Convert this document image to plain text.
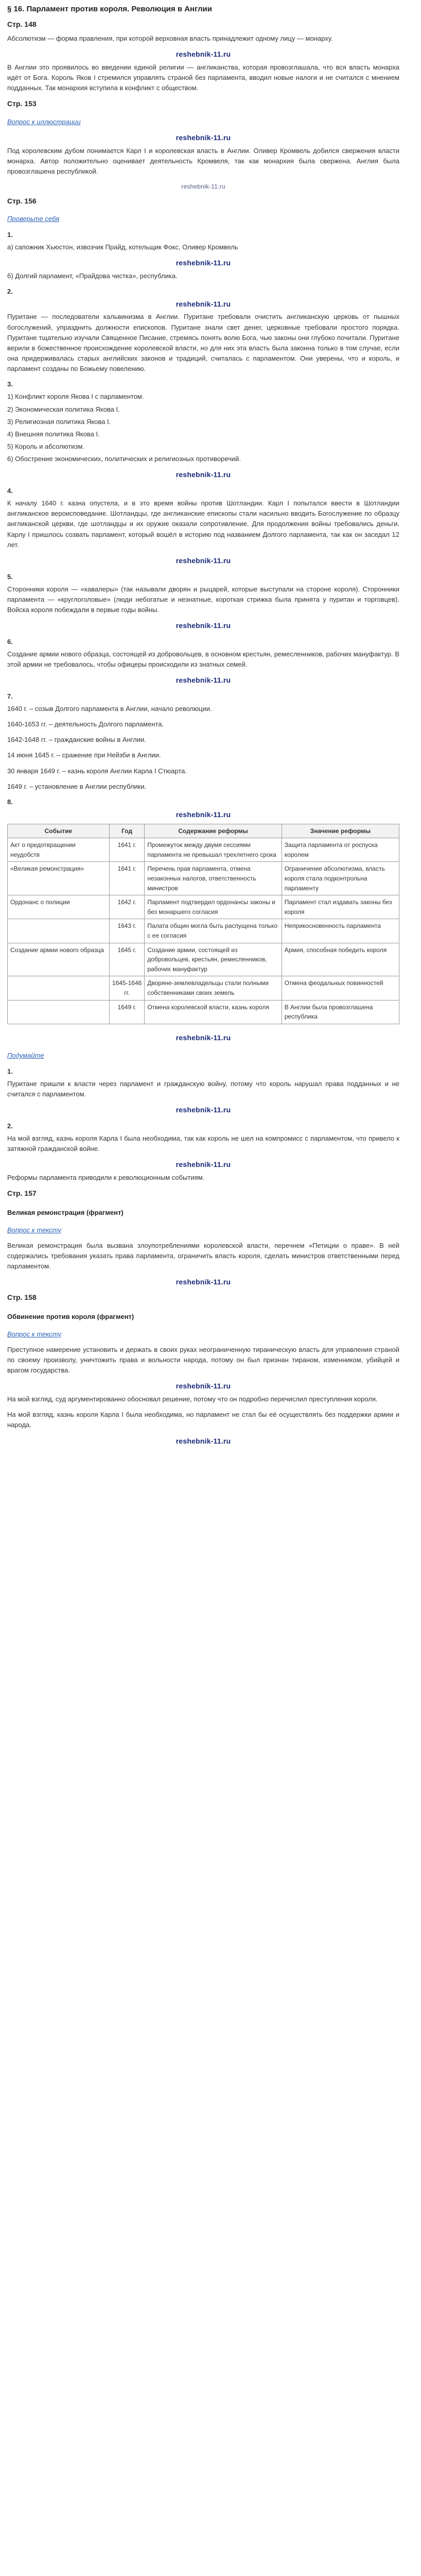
§ 16. Парламент против короля. Революция в Англии
Стр. 148

Абсолютизм — форма правления, при которой верховная власть принадлежит одному лицу — монарху.

reshebnik-11.ru

В Англии это проявилось во введении единой религии — англиканства, которая провозглашала, что вся власть монарха идёт от Бога. Король Яков I стремился управлять страной без парламента, вводил новые налоги и не считался с мнением подданных. Так монархия вступила в конфликт с обществом.

Стр. 153
Вопрос к иллюстрации
reshebnik-11.ru

Под королевским дубом понимается Карл I и королевская власть в Англии. Оливер Кромвель добился свержения власти монарха. Автор положительно оценивает деятельность Кромвеля, так как монархия была свержена. Англия была провозглашена республикой.

reshebnik-11.ru
Стр. 156
Проверьте себя
1.

а) сапожник Хьюстон, извозчик Прайд, котельщик Фокс, Оливер Кромвель

reshebnik-11.ru

б) Долгий парламент, «Прайдова чистка», республика.

2.
reshebnik-11.ru

Пуритане — последователи кальвинизма в Англии. Пуритане требовали очистить англиканскую церковь от пышных богослужений, упразднить должности епископов. Пуритане знали свет денег, церковные требовали простого порядка. Пуритане тщательно изучали Священное Писание, стремясь понять волю Бога, чью законы они глубоко почитали. Пуритане верили в божественное происхождение королевской власти, но для них эта власть была законна только в том случае, если она придерживалась старых английских законов и традиций, считалась с парламентом. Они уверены, что и король, и парламент созданы по Божьему повелению.

3.
1) Конфликт короля Якова I с парламентом.
2) Экономическая политика Якова I.
3) Религиозная политика Якова I.
4) Внешняя политика Якова I.
5) Король и абсолютизм.
6) Обострение экономических, политических и религиозных противоречий.
reshebnik-11.ru
4.

К началу 1640 г. казна опустела, и в это время войны против Шотландии. Карл I попытался ввести в Шотландии англиканское вероисповедание. Шотландцы, где англиканские епископы стали насильно вводить Богослужение по образцу англиканской церкви, где шотландцы и их оружие оказали сопротивление. Для продолжения войны требовались деньги. Карлу I пришлось созвать парламент, который вошёл в историю под названием Долгого парламента, так как он заседал 12 лет.

reshebnik-11.ru
5.

Сторонники короля — «кавалеры» (так называли дворян и рыцарей, которые выступали на стороне короля). Сторонники парламента — «круглоголовые» (люди небогатые и незнатные, короткая стрижка была принята у пуритан и торговцев). Войска короля побеждали в первые годы войны.

reshebnik-11.ru
6.

Создание армии нового образца, состоящей из добровольцев, в основном крестьян, ремесленников, рабочих мануфактур. В этой армии не требовалось, чтобы офицеры происходили из знатных семей.

reshebnik-11.ru
7.

1640 г. – созыв Долгого парламента в Англии, начало революции.

1640-1653 гг. – деятельность Долгого парламента.

1642-1648 гг. – гражданские войны в Англии.

14 июня 1645 г. – сражение при Нейзби в Англии.

30 января 1649 г. – казнь короля Англии Карла I Стюарта.

1649 г. – установление в Англии республики.

8.
reshebnik-11.ru
Событие	Год	Содержание реформы	Значение реформы
Акт о предотвращении неудобств	1641 г.	Промежуток между двумя сессиями парламента не превышал трехлетнего срока	Защита парламента от роспуска королем
«Великая ремонстрация»	1641 г.	Перечень прав парламента, отмена незаконных налогов, ответственность министров	Ограничение абсолютизма, власть короля стала подконтрольна парламенту
Ордонанс о полиции	1642 г.	Парламент подтвердил ордонансы законы и без монаршего согласия	Парламент стал издавать законы без короля
	1643 г.	Палата общин могла быть распущена только с ее согласия	Неприкосновенность парламента
Создание армии нового образца	1645 г.	Создание армии, состоящей из добровольцев, крестьян, ремесленников, рабочих мануфактур	Армия, способная победить короля
	1645-1646 гг.	Дворяне-землевладельцы стали полными собственниками своих земель	Отмена феодальных повинностей
	1649 г.	Отмена королевской власти, казнь короля	В Англии была провозглашена республика
reshebnik-11.ru
Подумайте
1.

Пуритане пришли к власти через парламент и гражданскую войну, потому что король нарушал права подданных и не считался с парламентом.

reshebnik-11.ru
2.

На мой взгляд, казнь короля Карла I была необходима, так как король не шел на компромисс с парламентом, что привело к затяжной гражданской войне.

reshebnik-11.ru

Реформы парламента приводили к революционным событиям.

Стр. 157
Великая ремонстрация (фрагмент)
Вопрос к тексту

Великая ремонстрация была вызвана злоупотреблениями королевской власти, перечнем «Петиции о праве». В ней содержались требования указать права парламента, ограничить власть короля, сделать министров ответственными перед парламентом.

reshebnik-11.ru
Стр. 158
Обвинение против короля (фрагмент)
Вопрос к тексту

Преступное намерение установить и держать в своих руках неограниченную тираническую власть для управления страной по своему произволу, уничтожить права и вольности народа, потому он был признан тираном, изменником, убийцей и врагом государства.

reshebnik-11.ru

На мой взгляд, суд аргументированно обосновал решение, потому что он подробно перечислил преступления короля.

На мой взгляд, казнь короля Карла I была необходима, но парламент не стал бы её осуществлять без поддержки армии и народа.

reshebnik-11.ru
